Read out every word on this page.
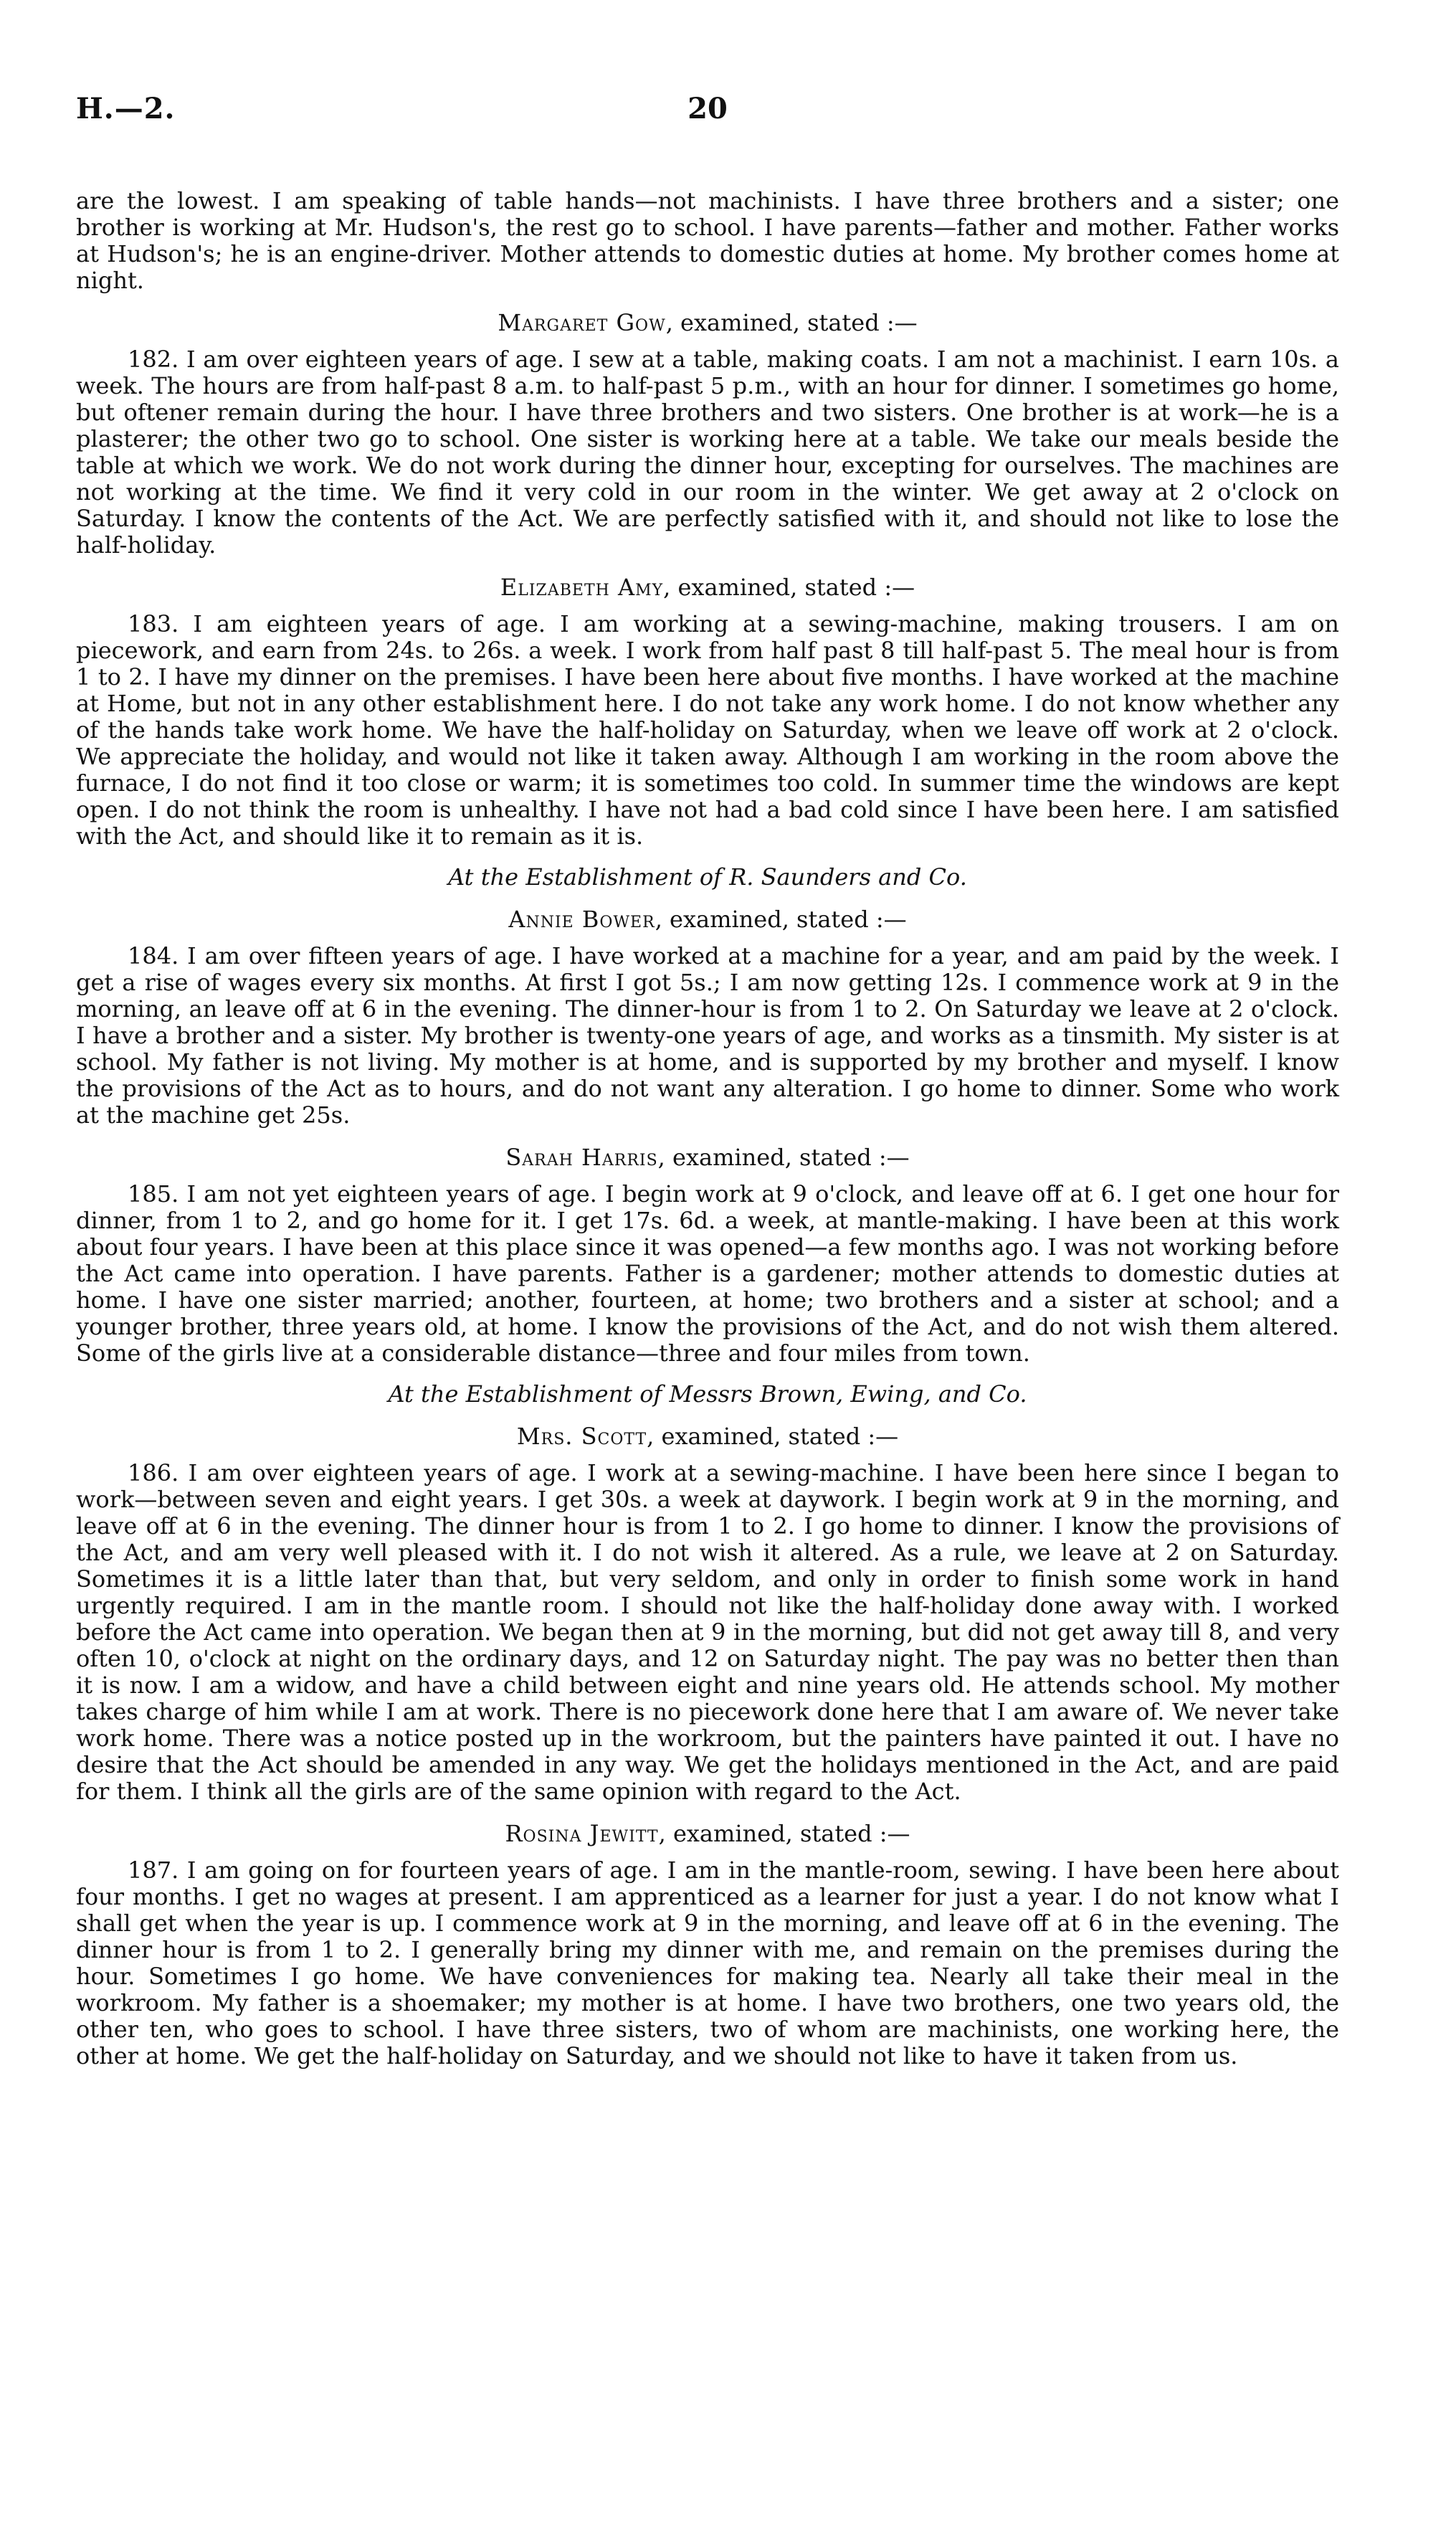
H.—2.	20

are the lowest. I am speaking of table hands—not machinists. I have three brothers and a sister; one brother is working at Mr. Hudson's, the rest go to school. I have parents—father and mother. Father works at Hudson's; he is an engine-driver. Mother attends to domestic duties at home. My brother comes home at night.

Margaret Gow, examined, stated :—

182. I am over eighteen years of age. I sew at a table, making coats. I am not a machinist. I earn 10s. a week. The hours are from half-past 8 a.m. to half-past 5 p.m., with an hour for dinner. I sometimes go home, but oftener remain during the hour. I have three brothers and two sisters. One brother is at work—he is a plasterer; the other two go to school. One sister is working here at a table. We take our meals beside the table at which we work. We do not work during the dinner hour, excepting for ourselves. The machines are not working at the time. We find it very cold in our room in the winter. We get away at 2 o'clock on Saturday. I know the contents of the Act. We are perfectly satisfied with it, and should not like to lose the half-holiday.

Elizabeth Amy, examined, stated :—

183. I am eighteen years of age. I am working at a sewing-machine, making trousers. I am on piecework, and earn from 24s. to 26s. a week. I work from half past 8 till half-past 5. The meal hour is from 1 to 2. I have my dinner on the premises. I have been here about five months. I have worked at the machine at Home, but not in any other establishment here. I do not take any work home. I do not know whether any of the hands take work home. We have the half-holiday on Saturday, when we leave off work at 2 o'clock. We appreciate the holiday, and would not like it taken away. Although I am working in the room above the furnace, I do not find it too close or warm; it is sometimes too cold. In summer time the windows are kept open. I do not think the room is unhealthy. I have not had a bad cold since I have been here. I am satisfied with the Act, and should like it to remain as it is.

At the Establishment of R. Saunders and Co.
Annie Bower, examined, stated :—

184. I am over fifteen years of age. I have worked at a machine for a year, and am paid by the week. I get a rise of wages every six months. At first I got 5s.; I am now getting 12s. I commence work at 9 in the morning, an leave off at 6 in the evening. The dinner-hour is from 1 to 2. On Saturday we leave at 2 o'clock. I have a brother and a sister. My brother is twenty-one years of age, and works as a tinsmith. My sister is at school. My father is not living. My mother is at home, and is supported by my brother and myself. I know the provisions of the Act as to hours, and do not want any alteration. I go home to dinner. Some who work at the machine get 25s.

Sarah Harris, examined, stated :—

185. I am not yet eighteen years of age. I begin work at 9 o'clock, and leave off at 6. I get one hour for dinner, from 1 to 2, and go home for it. I get 17s. 6d. a week, at mantle-making. I have been at this work about four years. I have been at this place since it was opened—a few months ago. I was not working before the Act came into operation. I have parents. Father is a gardener; mother attends to domestic duties at home. I have one sister married; another, fourteen, at home; two brothers and a sister at school; and a younger brother, three years old, at home. I know the provisions of the Act, and do not wish them altered. Some of the girls live at a considerable distance—three and four miles from town.

At the Establishment of Messrs Brown, Ewing, and Co.
Mrs. Scott, examined, stated :—

186. I am over eighteen years of age. I work at a sewing-machine. I have been here since I began to work—between seven and eight years. I get 30s. a week at daywork. I begin work at 9 in the morning, and leave off at 6 in the evening. The dinner hour is from 1 to 2. I go home to dinner. I know the provisions of the Act, and am very well pleased with it. I do not wish it altered. As a rule, we leave at 2 on Saturday. Sometimes it is a little later than that, but very seldom, and only in order to finish some work in hand urgently required. I am in the mantle room. I should not like the half-holiday done away with. I worked before the Act came into operation. We began then at 9 in the morning, but did not get away till 8, and very often 10, o'clock at night on the ordinary days, and 12 on Saturday night. The pay was no better then than it is now. I am a widow, and have a child between eight and nine years old. He attends school. My mother takes charge of him while I am at work. There is no piecework done here that I am aware of. We never take work home. There was a notice posted up in the workroom, but the painters have painted it out. I have no desire that the Act should be amended in any way. We get the holidays mentioned in the Act, and are paid for them. I think all the girls are of the same opinion with regard to the Act.

Rosina Jewitt, examined, stated :—

187. I am going on for fourteen years of age. I am in the mantle-room, sewing. I have been here about four months. I get no wages at present. I am apprenticed as a learner for just a year. I do not know what I shall get when the year is up. I commence work at 9 in the morning, and leave off at 6 in the evening. The dinner hour is from 1 to 2. I generally bring my dinner with me, and remain on the premises during the hour. Sometimes I go home. We have conveniences for making tea. Nearly all take their meal in the workroom. My father is a shoemaker; my mother is at home. I have two brothers, one two years old, the other ten, who goes to school. I have three sisters, two of whom are machinists, one working here, the other at home. We get the half-holiday on Saturday, and we should not like to have it taken from us.
